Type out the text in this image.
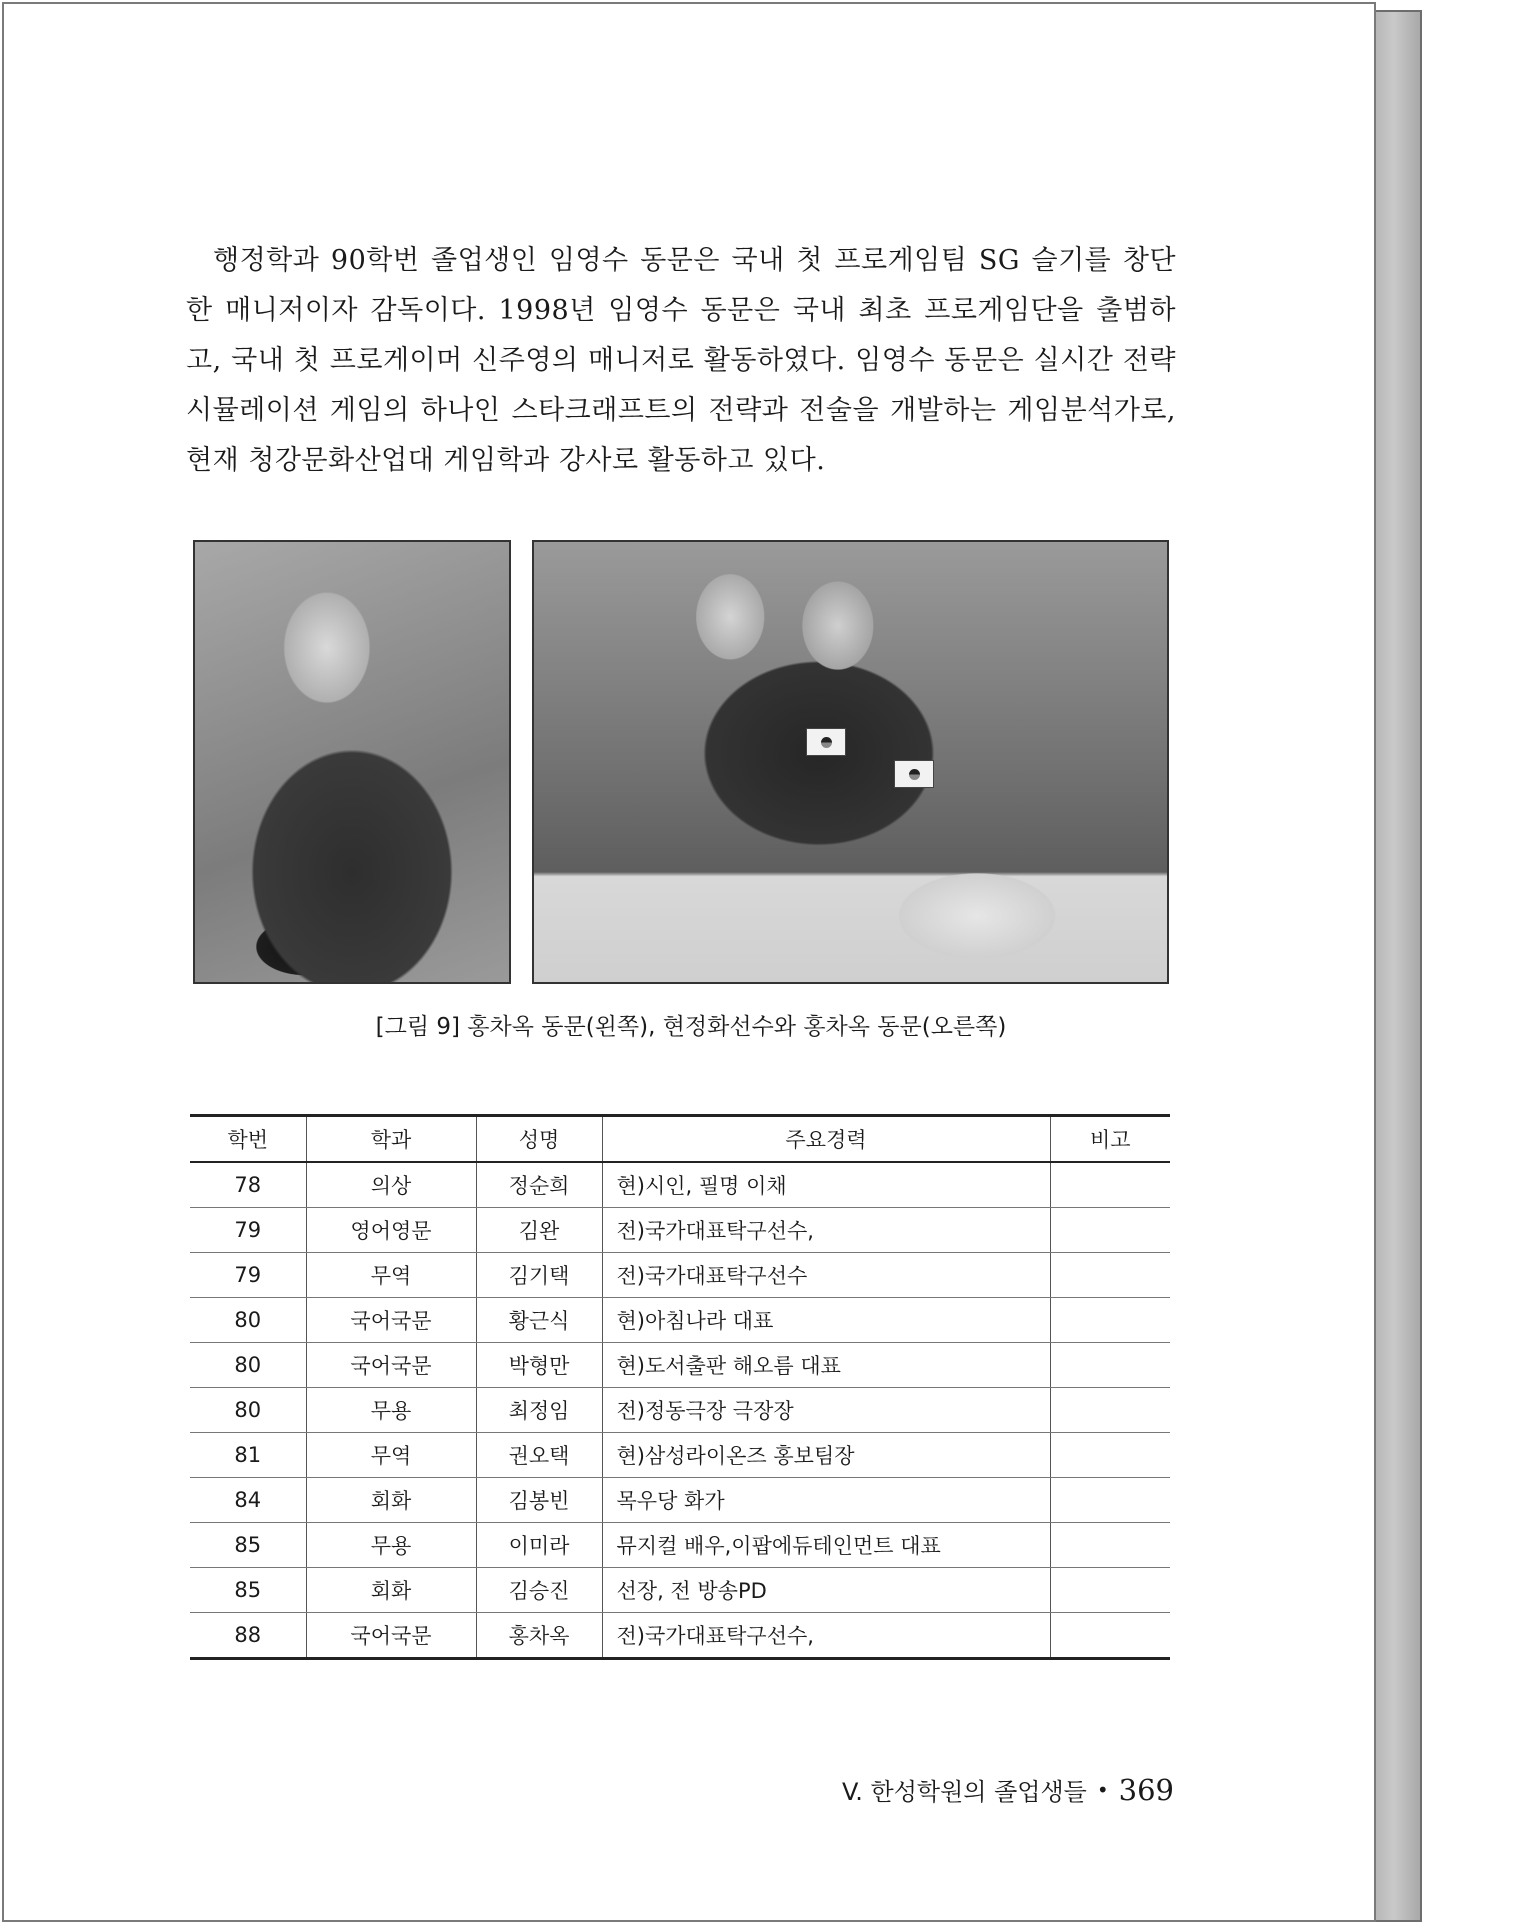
행정학과 90학번 졸업생인 임영수 동문은 국내 첫 프로게임팀 SG 슬기를 창단한 매니저이자 감독이다. 1998년 임영수 동문은 국내 최초 프로게임단을 출범하고, 국내 첫 프로게이머 신주영의 매니저로 활동하였다. 임영수 동문은 실시간 전략 시뮬레이션 게임의 하나인 스타크래프트의 전략과 전술을 개발하는 게임분석가로, 현재 청강문화산업대 게임학과 강사로 활동하고 있다.

[그림 9] 홍차옥 동문(왼쪽), 현정화선수와 홍차옥 동문(오른쪽)
학번	학과	성명	주요경력	비고
78	의상	정순희	현)시인, 필명 이채	
79	영어영문	김완	전)국가대표탁구선수,	
79	무역	김기택	전)국가대표탁구선수	
80	국어국문	황근식	현)아침나라 대표	
80	국어국문	박형만	현)도서출판 해오름 대표	
80	무용	최정임	전)정동극장 극장장	
81	무역	권오택	현)삼성라이온즈 홍보팀장	
84	회화	김봉빈	목우당 화가	
85	무용	이미라	뮤지컬 배우,이팝에듀테인먼트 대표	
85	회화	김승진	선장, 전 방송PD	
88	국어국문	홍차옥	전)국가대표탁구선수,	
V. 한성학원의 졸업생들 • 369
